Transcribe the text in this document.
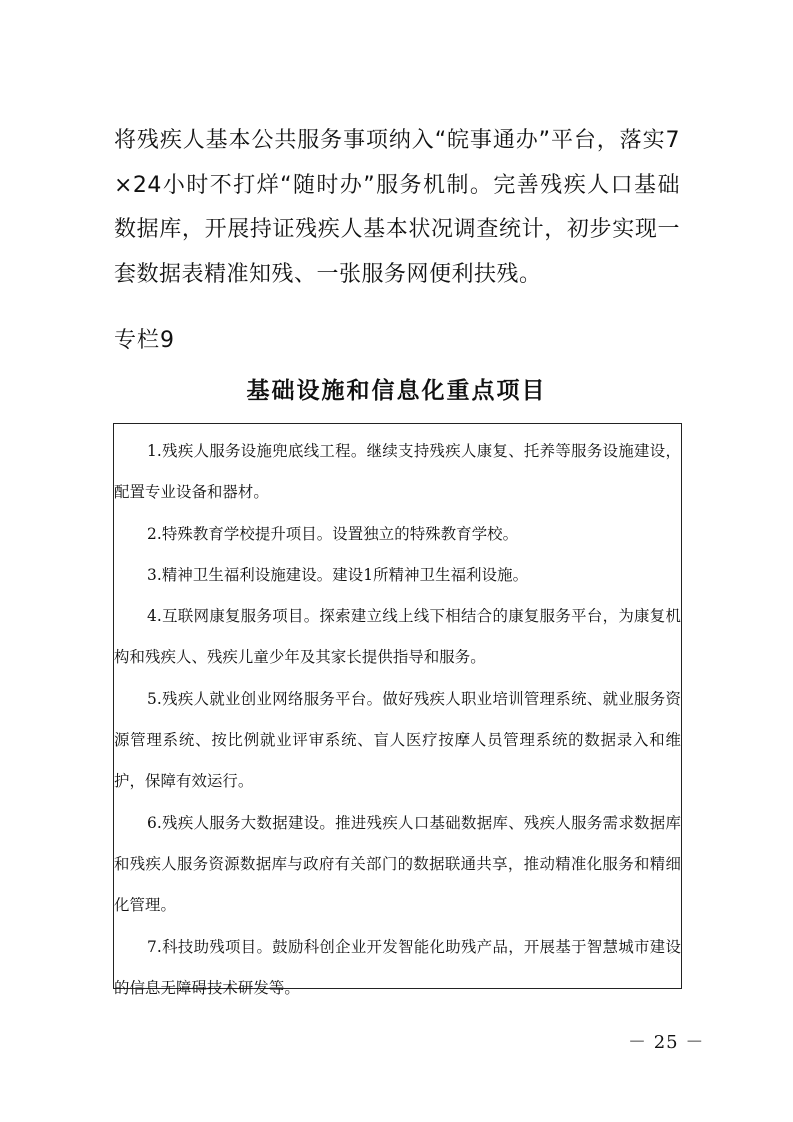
将残疾人基本公共服务事项纳入“皖事通办”平台，落实7×24小时不打烊“随时办”服务机制。完善残疾人口基础数据库，开展持证残疾人基本状况调查统计，初步实现一套数据表精准知残、一张服务网便利扶残。
专栏9
基础设施和信息化重点项目

1.残疾人服务设施兜底线工程。继续支持残疾人康复、托养等服务设施建设，配置专业设备和器材。

2.特殊教育学校提升项目。设置独立的特殊教育学校。

3.精神卫生福利设施建设。建设1所精神卫生福利设施。

4.互联网康复服务项目。探索建立线上线下相结合的康复服务平台，为康复机构和残疾人、残疾儿童少年及其家长提供指导和服务。

5.残疾人就业创业网络服务平台。做好残疾人职业培训管理系统、就业服务资源管理系统、按比例就业评审系统、盲人医疗按摩人员管理系统的数据录入和维护，保障有效运行。

6.残疾人服务大数据建设。推进残疾人口基础数据库、残疾人服务需求数据库和残疾人服务资源数据库与政府有关部门的数据联通共享，推动精准化服务和精细化管理。

7.科技助残项目。鼓励科创企业开发智能化助残产品，开展基于智慧城市建设的信息无障碍技术研发等。

－ 25 －
